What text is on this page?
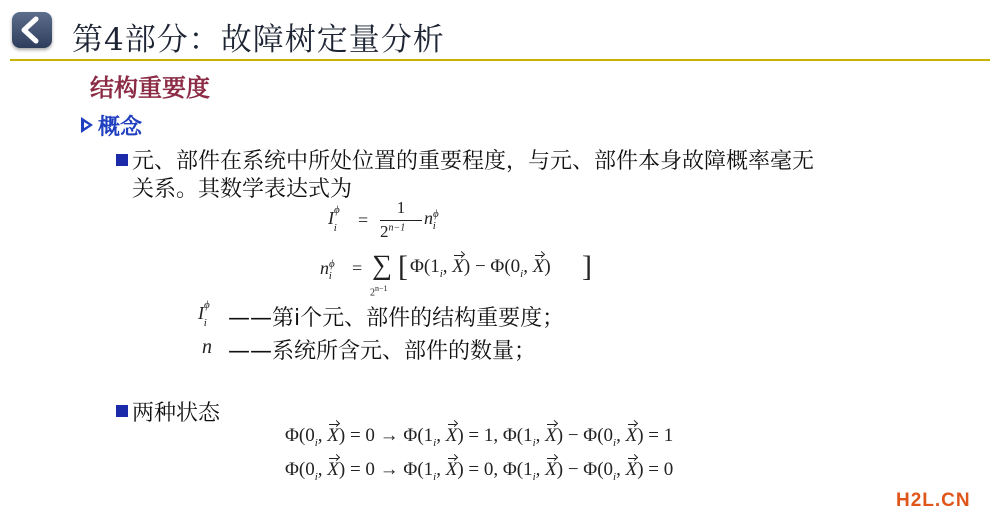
第4部分：故障树定量分析
结构重要度
概念
元、部件在系统中所处位置的重要程度，与元、部件本身故障概率毫无
关系。其数学表达式为
$I^\phi_i$	=
1
$2^{n-1}$ $n^\phi_i$
$n^\phi_i$	= ∑
$2^{n-1}$
[ $\Phi(1_i$, $X) - \Phi(0_i$, X) ]
$I^\phi_i$ ——第i个元、部件的结构重要度；
n ——系统所含元、部件的数量；
两种状态
$\Phi(0_i$, $X) = 0 \to \Phi(1_i$, X) = 1, $\Phi(1_i$, $X) - \Phi(0_i$, X) = 1
$\Phi(0_i$, $X) = 0 \to \Phi(1_i$, X) = 0, $\Phi(1_i$, $X) - \Phi(0_i$, X) = 0
H2L.CN
